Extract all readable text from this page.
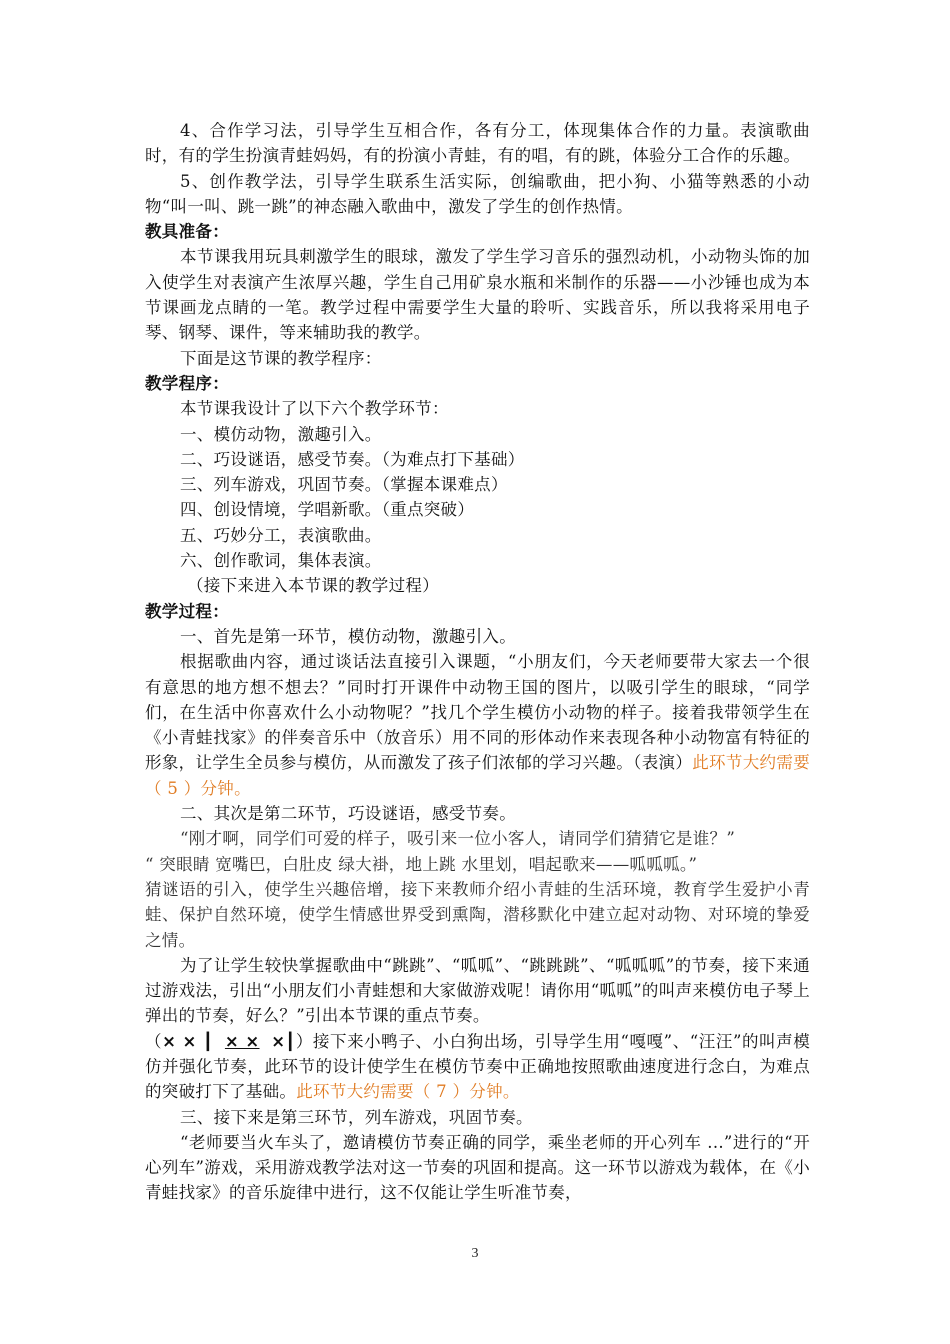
4、合作学习法，引导学生互相合作，各有分工，体现集体合作的力量。表演歌曲时，有的学生扮演青蛙妈妈，有的扮演小青蛙，有的唱，有的跳，体验分工合作的乐趣。

5、创作教学法，引导学生联系生活实际，创编歌曲，把小狗、小猫等熟悉的小动物“叫一叫、跳一跳”的神态融入歌曲中，激发了学生的创作热情。

教具准备：

本节课我用玩具刺激学生的眼球，激发了学生学习音乐的强烈动机，小动物头饰的加入使学生对表演产生浓厚兴趣，学生自己用矿泉水瓶和米制作的乐器——小沙锤也成为本节课画龙点睛的一笔。教学过程中需要学生大量的聆听、实践音乐，所以我将采用电子琴、钢琴、课件，等来辅助我的教学。

下面是这节课的教学程序：

教学程序：

本节课我设计了以下六个教学环节：

一、模仿动物，激趣引入。

二、巧设谜语，感受节奏。（为难点打下基础）

三、列车游戏，巩固节奏。（掌握本课难点）

四、创设情境，学唱新歌。（重点突破）

五、巧妙分工，表演歌曲。

六、创作歌词，集体表演。

（接下来进入本节课的教学过程）

教学过程：

一、首先是第一环节，模仿动物，激趣引入。

根据歌曲内容，通过谈话法直接引入课题，“小朋友们，今天老师要带大家去一个很有意思的地方想不想去？”同时打开课件中动物王国的图片，以吸引学生的眼球，“同学们，在生活中你喜欢什么小动物呢？”找几个学生模仿小动物的样子。接着我带领学生在《小青蛙找家》的伴奏音乐中（放音乐）用不同的形体动作来表现各种小动物富有特征的形象，让学生全员参与模仿，从而激发了孩子们浓郁的学习兴趣。（表演）此环节大约需要（ 5 ）分钟。

二、其次是第二环节，巧设谜语，感受节奏。

“刚才啊，同学们可爱的样子，吸引来一位小客人，请同学们猜猜它是谁？”

“ 突眼睛 宽嘴巴，白肚皮 绿大褂，地上跳 水里划，唱起歌来——呱呱呱。”

猜谜语的引入，使学生兴趣倍增，接下来教师介绍小青蛙的生活环境，教育学生爱护小青蛙、保护自然环境，使学生情感世界受到熏陶，潜移默化中建立起对动物、对环境的挚爱之情。

为了让学生较快掌握歌曲中“跳跳”、“呱呱”、“跳跳跳”、“呱呱呱”的节奏，接下来通过游戏法，引出“小朋友们小青蛙想和大家做游戏呢！请你用“呱呱”的叫声来模仿电子琴上弹出的节奏，好么？”引出本节课的重点节奏。
（× × ┃ × × ×┃）接下来小鸭子、小白狗出场，引导学生用“嘎嘎”、“汪汪”的叫声模仿并强化节奏，此环节的设计使学生在模仿节奏中正确地按照歌曲速度进行念白，为难点的突破打下了基础。此环节大约需要（ 7 ）分钟。

三、接下来是第三环节，列车游戏，巩固节奏。

“老师要当火车头了，邀请模仿节奏正确的同学，乘坐老师的开心列车 ...”进行的“开心列车”游戏，采用游戏教学法对这一节奏的巩固和提高。这一环节以游戏为载体，在《小青蛙找家》的音乐旋律中进行，这不仅能让学生听准节奏，

3
